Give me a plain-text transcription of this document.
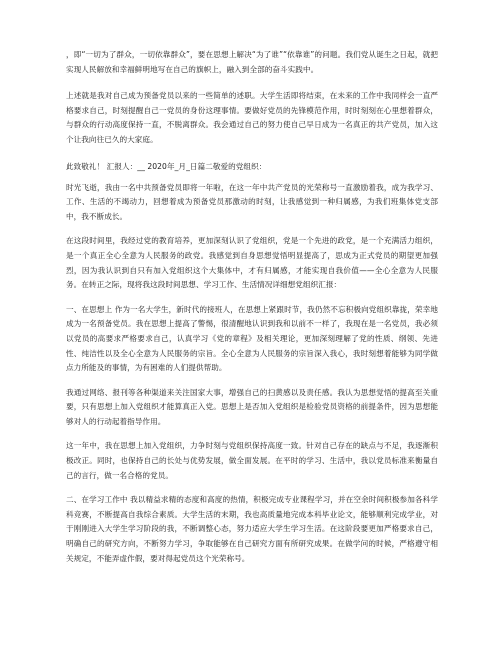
，即“一切为了群众，一切依靠群众”，要在思想上解决“为了谁”“依靠谁”的问题。我们党从诞生之日起，就把实现人民解放和幸福鲜明地写在自己的旗帜上，融入到全部的奋斗实践中。

上述就是我对自己成为预备党员以来的一些简单的述职。大学生活即将结束，在未来的工作中我同样会一直严格要求自己，时刻提醒自己一党员的身份这理事情。要做好党员的先锋模范作用，时时刻刻在心里想着群众，与群众的行动高度保持一直，不脱离群众。我会通过自己的努力使自己早日成为一名真正的共产党员，加入这个让我向往已久的大家庭。

此致敬礼！ 汇报人：__ 2020年_月_日篇二敬爱的党组织：

时光飞逝，我由一名中共预备党员即将一年啦，在这一年中共产党员的光荣称号一直激励着我，成为我学习、工作、生活的不竭动力，回想着成为预备党员那激动的时刻，让我感觉到一种归属感，为我们班集体党支部中，我不断成长。

在这段时间里，我经过党的教育培养，更加深刻认识了党组织，党是一个先进的政党，是一个充满活力组织，是一个真正全心全意为人民服务的政党。我感觉到自身思想觉悟明显提高了，思成为正式党员的期望更加强烈，因为我认识到自只有加入党组织这个大集体中，才有归属感，才能实现自我价值——全心全意为人民服务。在转正之际，现将我这段时间思想、学习工作、生活情况详细想党组织汇报：

一、在思想上 作为一名大学生，新时代的接班人，在思想上紧跟时节，我仍然不忘积极向党组织靠拢，荣幸地成为一名预备党员。我在思想上提高了警惕，很清醒地认识到我和以前不一样了，我现在是一名党员，我必须以党员的高要求严格要求自己，认真学习《党的章程》及相关理论，更加深刻理解了党的性质、纲领、先进性、纯洁性以及全心全意为人民服务的宗旨。全心全意为人民服务的宗旨深入我心，我时刻想着能够为同学做点力所能及的事情，为有困难的人们提供帮助。

我通过网络、报刊等各种渠道来关注国家大事，增强自己的扫黄感以及责任感。我认为思想觉悟的提高至关重要，只有思想上加入党组织才能算真正入党。思想上是否加入党组织是检验党员资格的前提条件，因为思想能够对人的行动起着指导作用。

这一年中，我在思想上加入党组织，力争时刻与党组织保持高度一致。针对自己存在的缺点与不足，我逐渐积极改正。同时，也保持自己的长处与优势发展，做全面发展。在平时的学习、生活中，我以党员标准来衡量自己的言行，做一名合格的党员。

二、在学习工作中 我以精益求精的态度和高度的热情，积极完成专业课程学习，并在空余时间积极参加各科学科竞赛，不断提高自我综合素质。大学生活的末期，我也高质量地完成本科毕业论文，能够顺利完成学业，对于刚刚进入大学生学习阶段的我，不断调整心态，努力适应大学生学习生活。在这阶段要更加严格要求自己，明确自己的研究方向，不断努力学习，争取能够在自己研究方面有所研究成果。在做学问的时候，严格遵守相关规定，不能弄虚作假，要对得起党员这个光荣称号。
